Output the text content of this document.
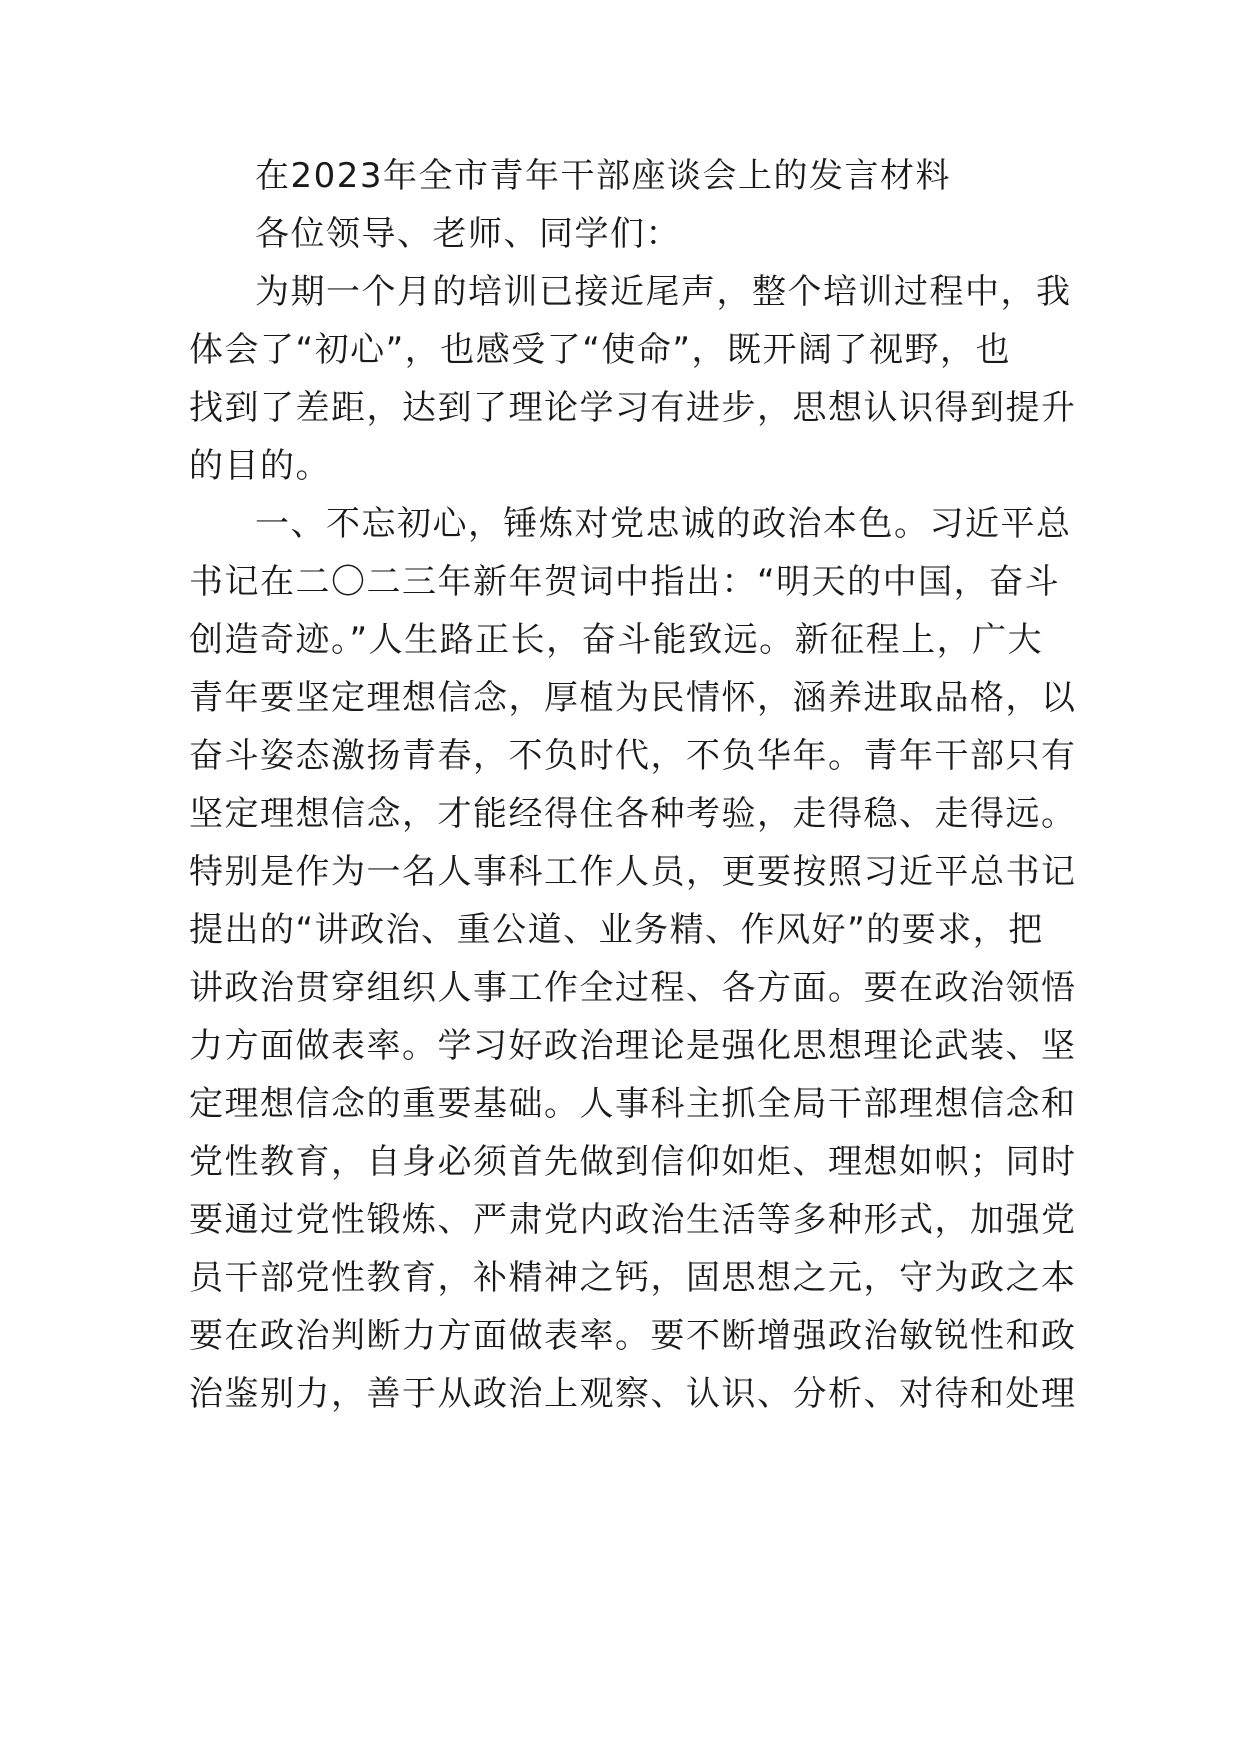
在2023年全市青年干部座谈会上的发言材料
各位领导、老师、同学们：
为期一个月的培训已接近尾声，整个培训过程中，我
体会了“初心”，也感受了“使命”，既开阔了视野，也
找到了差距，达到了理论学习有进步，思想认识得到提升
的目的。
一、不忘初心，锤炼对党忠诚的政治本色。习近平总
书记在二〇二三年新年贺词中指出：“明天的中国，奋斗
创造奇迹。”人生路正长，奋斗能致远。新征程上，广大
青年要坚定理想信念，厚植为民情怀，涵养进取品格，以
奋斗姿态激扬青春，不负时代，不负华年。青年干部只有
坚定理想信念，才能经得住各种考验，走得稳、走得远。
特别是作为一名人事科工作人员，更要按照习近平总书记
提出的“讲政治、重公道、业务精、作风好”的要求，把
讲政治贯穿组织人事工作全过程、各方面。要在政治领悟
力方面做表率。学习好政治理论是强化思想理论武装、坚
定理想信念的重要基础。人事科主抓全局干部理想信念和
党性教育，自身必须首先做到信仰如炬、理想如帜；同时
要通过党性锻炼、严肃党内政治生活等多种形式，加强党
员干部党性教育，补精神之钙，固思想之元，守为政之本
要在政治判断力方面做表率。要不断增强政治敏锐性和政
治鉴别力，善于从政治上观察、认识、分析、对待和处理
